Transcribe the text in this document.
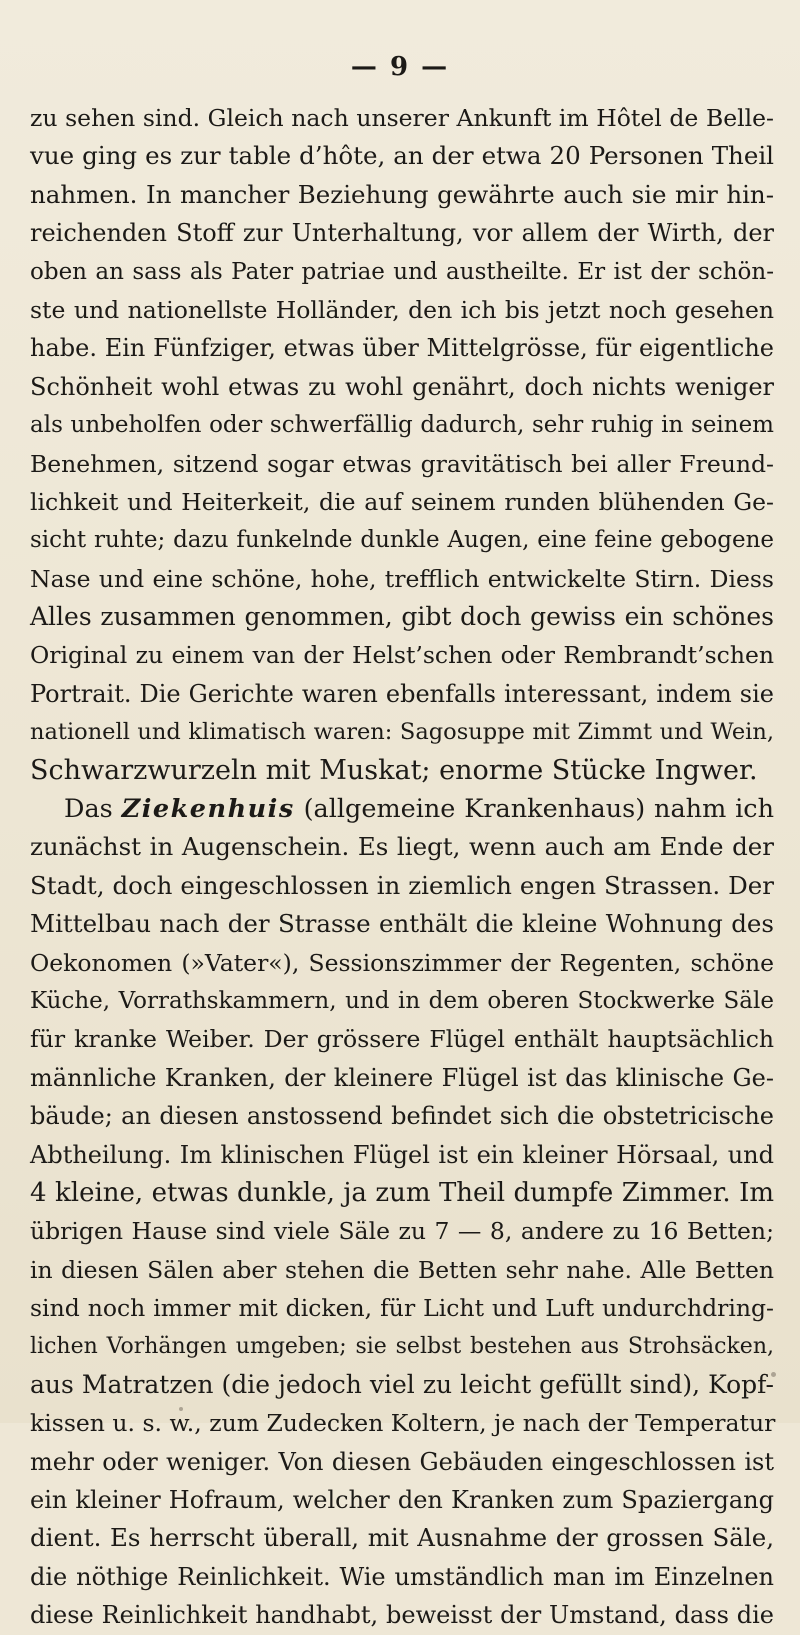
— 9 —
zu sehen sind. Gleich nach unserer Ankunft im Hôtel de Belle-
vue ging es zur table d’hôte, an der etwa 20 Personen Theil
nahmen. In mancher Beziehung gewährte auch sie mir hin-
reichenden Stoff zur Unterhaltung, vor allem der Wirth, der
oben an sass als Pater patriae und austheilte. Er ist der schön-
ste und nationellste Holländer, den ich bis jetzt noch gesehen
habe. Ein Fünfziger, etwas über Mittelgrösse, für eigentliche
Schönheit wohl etwas zu wohl genährt, doch nichts weniger
als unbeholfen oder schwerfällig dadurch, sehr ruhig in seinem
Benehmen, sitzend sogar etwas gravitätisch bei aller Freund-
lichkeit und Heiterkeit, die auf seinem runden blühenden Ge-
sicht ruhte; dazu funkelnde dunkle Augen, eine feine gebogene
Nase und eine schöne, hohe, trefflich entwickelte Stirn. Diess
Alles zusammen genommen, gibt doch gewiss ein schönes
Original zu einem van der Helst’schen oder Rembrandt’schen
Portrait. Die Gerichte waren ebenfalls interessant, indem sie
nationell und klimatisch waren: Sagosuppe mit Zimmt und Wein,
Schwarzwurzeln mit Muskat; enorme Stücke Ingwer.
Das Ziekenhuis (allgemeine Krankenhaus) nahm ich
zunächst in Augenschein. Es liegt, wenn auch am Ende der
Stadt, doch eingeschlossen in ziemlich engen Strassen. Der
Mittelbau nach der Strasse enthält die kleine Wohnung des
Oekonomen (»Vater«), Sessionszimmer der Regenten, schöne
Küche, Vorrathskammern, und in dem oberen Stockwerke Säle
für kranke Weiber. Der grössere Flügel enthält hauptsächlich
männliche Kranken, der kleinere Flügel ist das klinische Ge-
bäude; an diesen anstossend befindet sich die obstetricische
Abtheilung. Im klinischen Flügel ist ein kleiner Hörsaal, und
4 kleine, etwas dunkle, ja zum Theil dumpfe Zimmer. Im
übrigen Hause sind viele Säle zu 7 — 8, andere zu 16 Betten;
in diesen Sälen aber stehen die Betten sehr nahe. Alle Betten
sind noch immer mit dicken, für Licht und Luft undurchdring-
lichen Vorhängen umgeben; sie selbst bestehen aus Strohsäcken,
aus Matratzen (die jedoch viel zu leicht gefüllt sind), Kopf-
kissen u. s. w., zum Zudecken Koltern, je nach der Temperatur
mehr oder weniger. Von diesen Gebäuden eingeschlossen ist
ein kleiner Hofraum, welcher den Kranken zum Spaziergang
dient. Es herrscht überall, mit Ausnahme der grossen Säle,
die nöthige Reinlichkeit. Wie umständlich man im Einzelnen
diese Reinlichkeit handhabt, beweisst der Umstand, dass die
